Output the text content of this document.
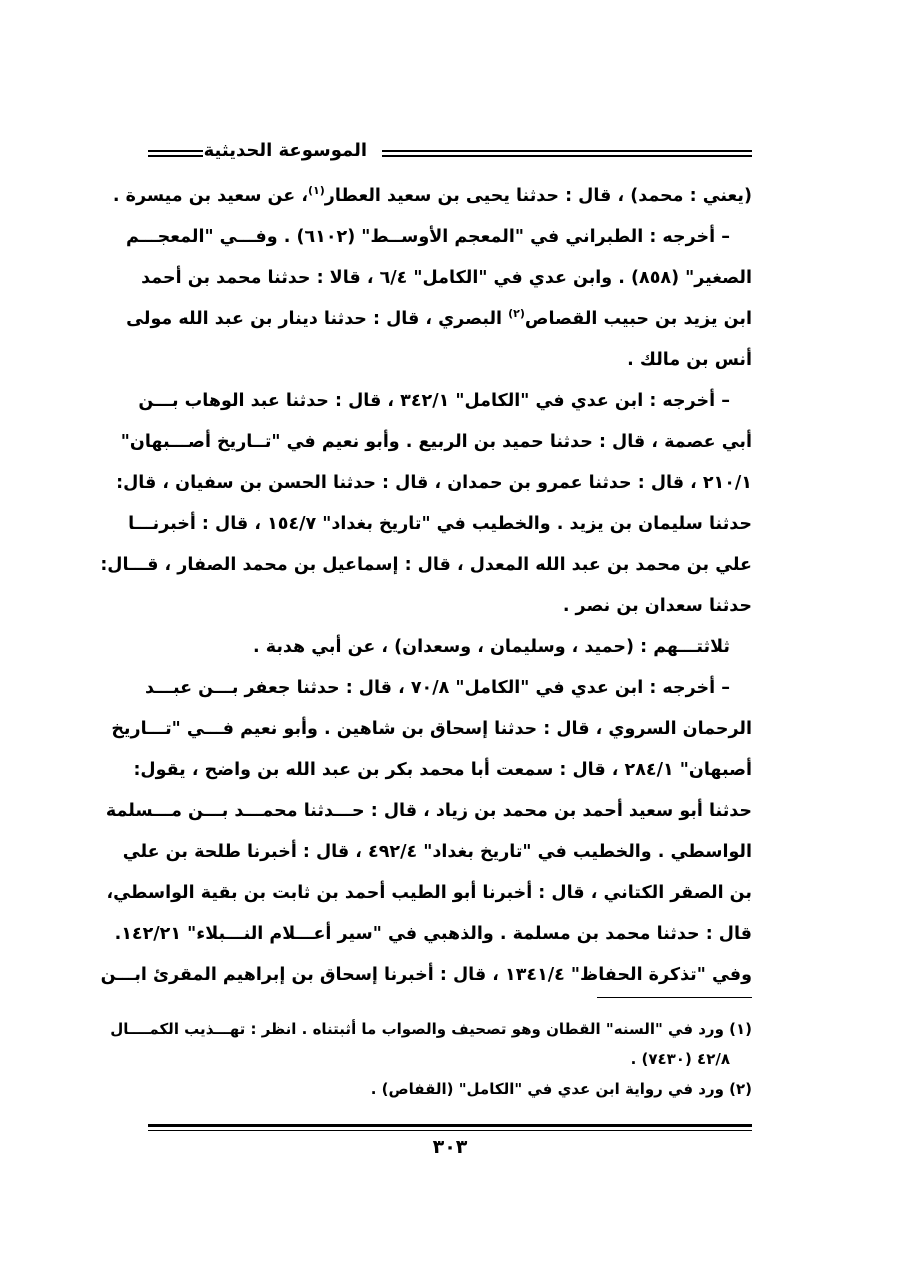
الموسوعة الحديثية
(يعني : محمد) ، قال : حدثنا يحيى بن سعيد العطار$^{(١)}$، عن سعيد بن ميسرة .
– أخرجه : الطبراني في "المعجم الأوســط" (٦١٠٢) . وفـــي "المعجـــم
الصغير" (٨٥٨) . وابن عدي في "الكامل" ٦/٤ ، قالا : حدثنا محمد بن أحمد
ابن يزيد بن حبيب القصاص$^{(٢)}$ البصري ، قال : حدثنا دينار بن عبد الله مولى
أنس بن مالك .
– أخرجه : ابن عدي في "الكامل" ٣٤٢/١ ، قال : حدثنا عبد الوهاب بـــن
أبي عصمة ، قال : حدثنا حميد بن الربيع . وأبو نعيم في "تــاريخ أصـــبهان"
٢١٠/١ ، قال : حدثنا عمرو بن حمدان ، قال : حدثنا الحسن بن سفيان ، قال:
حدثنا سليمان بن يزيد . والخطيب في "تاريخ بغداد" ١٥٤/٧ ، قال : أخبرنـــا
علي بن محمد بن عبد الله المعدل ، قال : إسماعيل بن محمد الصفار ، قـــال:
حدثنا سعدان بن نصر .
ثلاثتـــهم : (حميد ، وسليمان ، وسعدان) ، عن أبي هدبة .
– أخرجه : ابن عدي في "الكامل" ٧٠/٨ ، قال : حدثنا جعفر بـــن عبـــد
الرحمان السروي ، قال : حدثنا إسحاق بن شاهين . وأبو نعيم فـــي "تـــاريخ
أصبهان" ٢٨٤/١ ، قال : سمعت أبا محمد بكر بن عبد الله بن واضح ، يقول:
حدثنا أبو سعيد أحمد بن محمد بن زياد ، قال : حـــدثنا محمـــد بـــن مـــسلمة
الواسطي . والخطيب في "تاريخ بغداد" ٤٩٢/٤ ، قال : أخبرنا طلحة بن علي
بن الصقر الكتاني ، قال : أخبرنا أبو الطيب أحمد بن ثابت بن بقية الواسطي،
قال : حدثنا محمد بن مسلمة . والذهبي في "سير أعـــلام النـــبلاء" ١٤٢/٢١.
وفي "تذكرة الحفاظ" ١٣٤١/٤ ، قال : أخبرنا إسحاق بن إبراهيم المقرئ ابـــن
(١) ورد في "السنه" القطان وهو تصحيف والصواب ما أثبتناه . انظر : تهـــذيب الكمــــال
٤٢/٨ (٧٤٣٠) .
(٢) ورد في رواية ابن عدي في "الكامل" (القفاص) .
٣٠٣
